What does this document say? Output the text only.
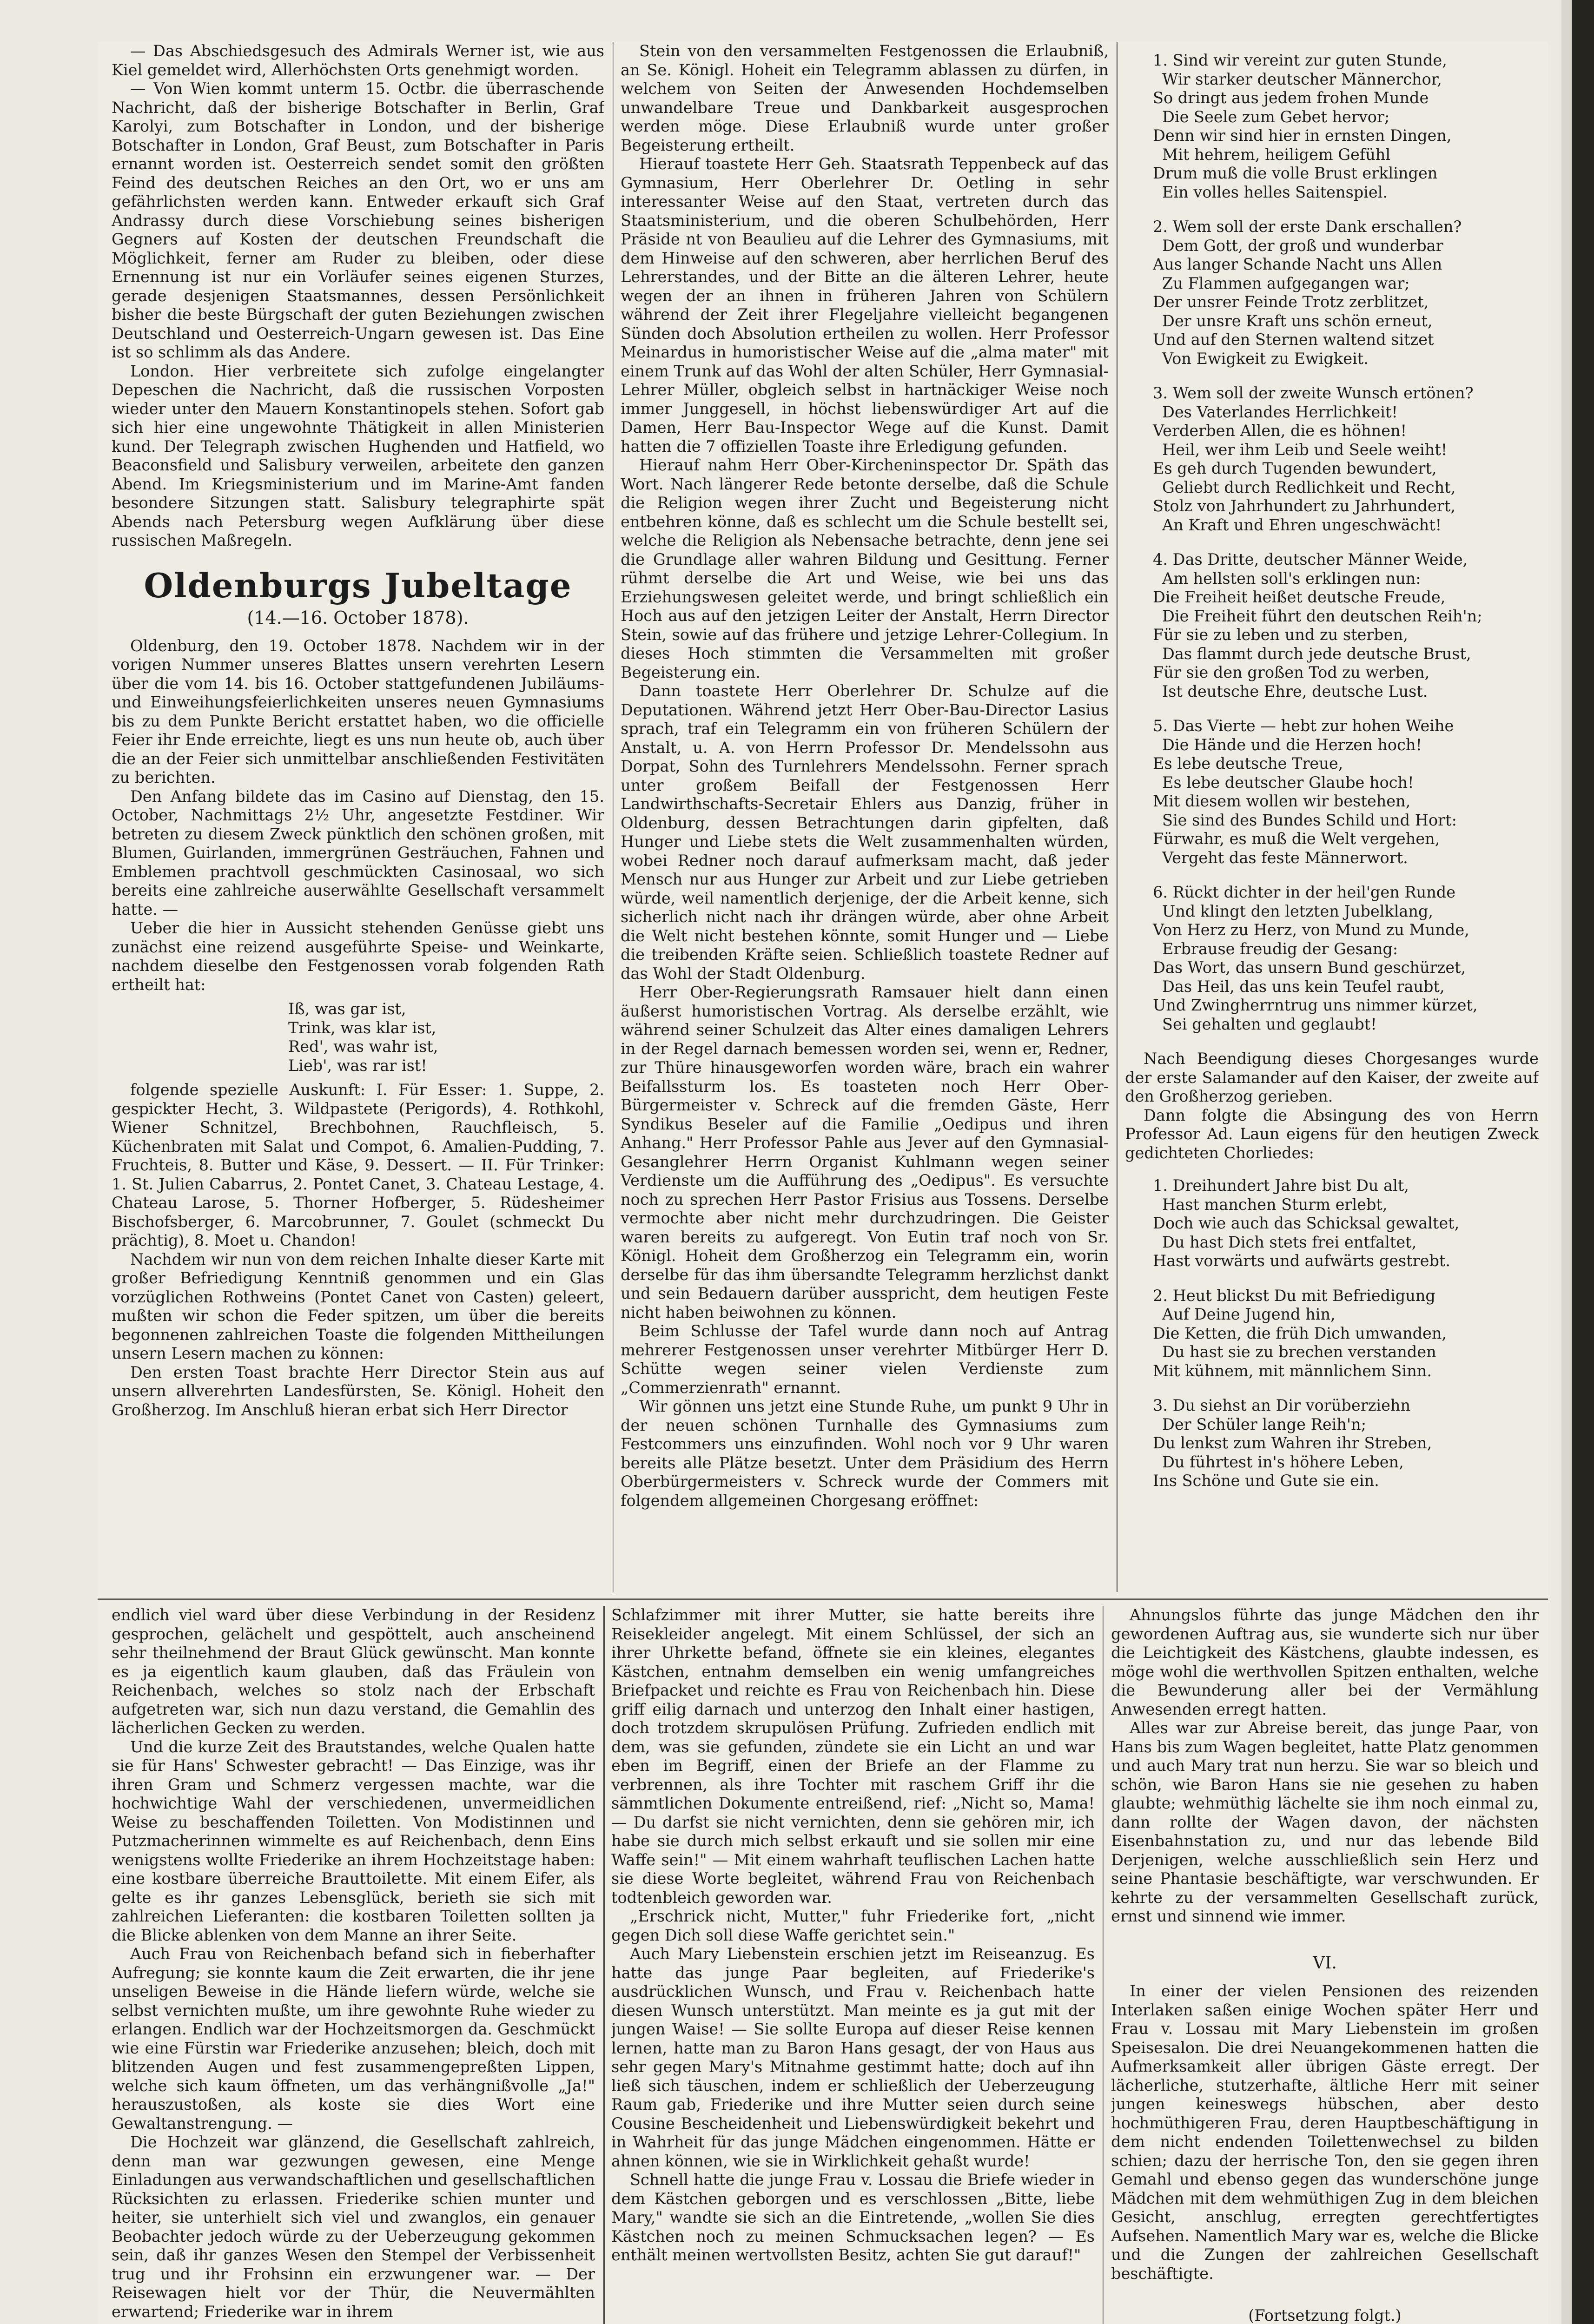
— Das Abschiedsgesuch des Admirals Werner ist, wie aus Kiel gemeldet wird, Allerhöchsten Orts genehmigt worden.

— Von Wien kommt unterm 15. Octbr. die überraschende Nachricht, daß der bisherige Botschafter in Berlin, Graf Karolyi, zum Botschafter in London, und der bisherige Botschafter in London, Graf Beust, zum Botschafter in Paris ernannt worden ist. Oesterreich sendet somit den größten Feind des deutschen Reiches an den Ort, wo er uns am gefährlichsten werden kann. Entweder erkauft sich Graf Andrassy durch diese Vorschiebung seines bisherigen Gegners auf Kosten der deutschen Freundschaft die Möglichkeit, ferner am Ruder zu bleiben, oder diese Ernennung ist nur ein Vorläufer seines eigenen Sturzes, gerade desjenigen Staatsmannes, dessen Persönlichkeit bisher die beste Bürgschaft der guten Beziehungen zwischen Deutschland und Oesterreich-Ungarn gewesen ist. Das Eine ist so schlimm als das Andere.

London. Hier verbreitete sich zufolge eingelangter Depeschen die Nachricht, daß die russischen Vorposten wieder unter den Mauern Konstantinopels stehen. Sofort gab sich hier eine ungewohnte Thätigkeit in allen Ministerien kund. Der Telegraph zwischen Hughenden und Hatfield, wo Beaconsfield und Salisbury verweilen, arbeitete den ganzen Abend. Im Kriegsministerium und im Marine-Amt fanden besondere Sitzungen statt. Salisbury telegraphirte spät Abends nach Petersburg wegen Aufklärung über diese russischen Maßregeln.

Oldenburgs Jubeltage
(14.—16. October 1878).

Oldenburg, den 19. October 1878. Nachdem wir in der vorigen Nummer unseres Blattes unsern verehrten Lesern über die vom 14. bis 16. October stattgefundenen Jubiläums- und Einweihungsfeierlichkeiten unseres neuen Gymnasiums bis zu dem Punkte Bericht erstattet haben, wo die officielle Feier ihr Ende erreichte, liegt es uns nun heute ob, auch über die an der Feier sich unmittelbar anschließenden Festivitäten zu berichten.

Den Anfang bildete das im Casino auf Dienstag, den 15. October, Nachmittags 2½ Uhr, angesetzte Festdiner. Wir betreten zu diesem Zweck pünktlich den schönen großen, mit Blumen, Guirlanden, immergrünen Gesträuchen, Fahnen und Emblemen prachtvoll geschmückten Casinosaal, wo sich bereits eine zahlreiche auserwählte Gesellschaft versammelt hatte. —

Ueber die hier in Aussicht stehenden Genüsse giebt uns zunächst eine reizend ausgeführte Speise- und Weinkarte, nachdem dieselbe den Festgenossen vorab folgenden Rath ertheilt hat:

Iß, was gar ist,
Trink, was klar ist,
Red', was wahr ist,
Lieb', was rar ist!

folgende spezielle Auskunft: I. Für Esser: 1. Suppe, 2. gespickter Hecht, 3. Wildpastete (Perigords), 4. Rothkohl, Wiener Schnitzel, Brechbohnen, Rauchfleisch, 5. Küchenbraten mit Salat und Compot, 6. Amalien-Pudding, 7. Fruchteis, 8. Butter und Käse, 9. Dessert. — II. Für Trinker: 1. St. Julien Cabarrus, 2. Pontet Canet, 3. Chateau Lestage, 4. Chateau Larose, 5. Thorner Hofberger, 5. Rüdesheimer Bischofsberger, 6. Marcobrunner, 7. Goulet (schmeckt Du prächtig), 8. Moet u. Chandon!

Nachdem wir nun von dem reichen Inhalte dieser Karte mit großer Befriedigung Kenntniß genommen und ein Glas vorzüglichen Rothweins (Pontet Canet von Casten) geleert, mußten wir schon die Feder spitzen, um über die bereits begonnenen zahlreichen Toaste die folgenden Mittheilungen unsern Lesern machen zu können:

Den ersten Toast brachte Herr Director Stein aus auf unsern allverehrten Landesfürsten, Se. Königl. Hoheit den Großherzog. Im Anschluß hieran erbat sich Herr Director

Stein von den versammelten Festgenossen die Erlaubniß, an Se. Königl. Hoheit ein Telegramm ablassen zu dürfen, in welchem von Seiten der Anwesenden Hochdemselben unwandelbare Treue und Dankbarkeit ausgesprochen werden möge. Diese Erlaubniß wurde unter großer Begeisterung ertheilt.

Hierauf toastete Herr Geh. Staatsrath Teppenbeck auf das Gymnasium, Herr Oberlehrer Dr. Oetling in sehr interessanter Weise auf den Staat, vertreten durch das Staatsministerium, und die oberen Schulbehörden, Herr Präside nt von Beaulieu auf die Lehrer des Gymnasiums, mit dem Hinweise auf den schweren, aber herrlichen Beruf des Lehrerstandes, und der Bitte an die älteren Lehrer, heute wegen der an ihnen in früheren Jahren von Schülern während der Zeit ihrer Flegeljahre vielleicht begangenen Sünden doch Absolution ertheilen zu wollen. Herr Professor Meinardus in humoristischer Weise auf die „alma mater" mit einem Trunk auf das Wohl der alten Schüler, Herr Gymnasial-Lehrer Müller, obgleich selbst in hartnäckiger Weise noch immer Junggesell, in höchst liebenswürdiger Art auf die Damen, Herr Bau-Inspector Wege auf die Kunst. Damit hatten die 7 offiziellen Toaste ihre Erledigung gefunden.

Hierauf nahm Herr Ober-Kircheninspector Dr. Späth das Wort. Nach längerer Rede betonte derselbe, daß die Schule die Religion wegen ihrer Zucht und Begeisterung nicht entbehren könne, daß es schlecht um die Schule bestellt sei, welche die Religion als Nebensache betrachte, denn jene sei die Grundlage aller wahren Bildung und Gesittung. Ferner rühmt derselbe die Art und Weise, wie bei uns das Erziehungswesen geleitet werde, und bringt schließlich ein Hoch aus auf den jetzigen Leiter der Anstalt, Herrn Director Stein, sowie auf das frühere und jetzige Lehrer-Collegium. In dieses Hoch stimmten die Versammelten mit großer Begeisterung ein.

Dann toastete Herr Oberlehrer Dr. Schulze auf die Deputationen. Während jetzt Herr Ober-Bau-Director Lasius sprach, traf ein Telegramm ein von früheren Schülern der Anstalt, u. A. von Herrn Professor Dr. Mendelssohn aus Dorpat, Sohn des Turnlehrers Mendelssohn. Ferner sprach unter großem Beifall der Festgenossen Herr Landwirthschafts-Secretair Ehlers aus Danzig, früher in Oldenburg, dessen Betrachtungen darin gipfelten, daß Hunger und Liebe stets die Welt zusammenhalten würden, wobei Redner noch darauf aufmerksam macht, daß jeder Mensch nur aus Hunger zur Arbeit und zur Liebe getrieben würde, weil namentlich derjenige, der die Arbeit kenne, sich sicherlich nicht nach ihr drängen würde, aber ohne Arbeit die Welt nicht bestehen könnte, somit Hunger und — Liebe die treibenden Kräfte seien. Schließlich toastete Redner auf das Wohl der Stadt Oldenburg.

Herr Ober-Regierungsrath Ramsauer hielt dann einen äußerst humoristischen Vortrag. Als derselbe erzählt, wie während seiner Schulzeit das Alter eines damaligen Lehrers in der Regel darnach bemessen worden sei, wenn er, Redner, zur Thüre hinausgeworfen worden wäre, brach ein wahrer Beifallssturm los. Es toasteten noch Herr Ober-Bürgermeister v. Schreck auf die fremden Gäste, Herr Syndikus Beseler auf die Familie „Oedipus und ihren Anhang." Herr Professor Pahle aus Jever auf den Gymnasial-Gesanglehrer Herrn Organist Kuhlmann wegen seiner Verdienste um die Aufführung des „Oedipus". Es versuchte noch zu sprechen Herr Pastor Frisius aus Tossens. Derselbe vermochte aber nicht mehr durchzudringen. Die Geister waren bereits zu aufgeregt. Von Eutin traf noch von Sr. Königl. Hoheit dem Großherzog ein Telegramm ein, worin derselbe für das ihm übersandte Telegramm herzlichst dankt und sein Bedauern darüber ausspricht, dem heutigen Feste nicht haben beiwohnen zu können.

Beim Schlusse der Tafel wurde dann noch auf Antrag mehrerer Festgenossen unser verehrter Mitbürger Herr D. Schütte wegen seiner vielen Verdienste zum „Commerzienrath" ernannt.

Wir gönnen uns jetzt eine Stunde Ruhe, um punkt 9 Uhr in der neuen schönen Turnhalle des Gymnasiums zum Festcommers uns einzufinden. Wohl noch vor 9 Uhr waren bereits alle Plätze besetzt. Unter dem Präsidium des Herrn Oberbürgermeisters v. Schreck wurde der Commers mit folgendem allgemeinen Chorgesang eröffnet:

1. Sind wir vereint zur guten Stunde,
Wir starker deutscher Männerchor,
So dringt aus jedem frohen Munde
Die Seele zum Gebet hervor;
Denn wir sind hier in ernsten Dingen,
Mit hehrem, heiligem Gefühl
Drum muß die volle Brust erklingen
Ein volles helles Saitenspiel.
2. Wem soll der erste Dank erschallen?
Dem Gott, der groß und wunderbar
Aus langer Schande Nacht uns Allen
Zu Flammen aufgegangen war;
Der unsrer Feinde Trotz zerblitzet,
Der unsre Kraft uns schön erneut,
Und auf den Sternen waltend sitzet
Von Ewigkeit zu Ewigkeit.
3. Wem soll der zweite Wunsch ertönen?
Des Vaterlandes Herrlichkeit!
Verderben Allen, die es höhnen!
Heil, wer ihm Leib und Seele weiht!
Es geh durch Tugenden bewundert,
Geliebt durch Redlichkeit und Recht,
Stolz von Jahrhundert zu Jahrhundert,
An Kraft und Ehren ungeschwächt!
4. Das Dritte, deutscher Männer Weide,
Am hellsten soll's erklingen nun:
Die Freiheit heißet deutsche Freude,
Die Freiheit führt den deutschen Reih'n;
Für sie zu leben und zu sterben,
Das flammt durch jede deutsche Brust,
Für sie den großen Tod zu werben,
Ist deutsche Ehre, deutsche Lust.
5. Das Vierte — hebt zur hohen Weihe
Die Hände und die Herzen hoch!
Es lebe deutsche Treue,
Es lebe deutscher Glaube hoch!
Mit diesem wollen wir bestehen,
Sie sind des Bundes Schild und Hort:
Fürwahr, es muß die Welt vergehen,
Vergeht das feste Männerwort.
6. Rückt dichter in der heil'gen Runde
Und klingt den letzten Jubelklang,
Von Herz zu Herz, von Mund zu Munde,
Erbrause freudig der Gesang:
Das Wort, das unsern Bund geschürzet,
Das Heil, das uns kein Teufel raubt,
Und Zwingherrntrug uns nimmer kürzet,
Sei gehalten und geglaubt!

Nach Beendigung dieses Chorgesanges wurde der erste Salamander auf den Kaiser, der zweite auf den Großherzog gerieben.

Dann folgte die Absingung des von Herrn Professor Ad. Laun eigens für den heutigen Zweck gedichteten Chorliedes:

1. Dreihundert Jahre bist Du alt,
Hast manchen Sturm erlebt,
Doch wie auch das Schicksal gewaltet,
Du hast Dich stets frei entfaltet,
Hast vorwärts und aufwärts gestrebt.
2. Heut blickst Du mit Befriedigung
Auf Deine Jugend hin,
Die Ketten, die früh Dich umwanden,
Du hast sie zu brechen verstanden
Mit kühnem, mit männlichem Sinn.
3. Du siehst an Dir vorüberziehn
Der Schüler lange Reih'n;
Du lenkst zum Wahren ihr Streben,
Du führtest in's höhere Leben,
Ins Schöne und Gute sie ein.

endlich viel ward über diese Verbindung in der Residenz gesprochen, gelächelt und gespöttelt, auch anscheinend sehr theilnehmend der Braut Glück gewünscht. Man konnte es ja eigentlich kaum glauben, daß das Fräulein von Reichenbach, welches so stolz nach der Erbschaft aufgetreten war, sich nun dazu verstand, die Gemahlin des lächerlichen Gecken zu werden.

Und die kurze Zeit des Brautstandes, welche Qualen hatte sie für Hans' Schwester gebracht! — Das Einzige, was ihr ihren Gram und Schmerz vergessen machte, war die hochwichtige Wahl der verschiedenen, unvermeidlichen Weise zu beschaffenden Toiletten. Von Modistinnen und Putzmacherinnen wimmelte es auf Reichenbach, denn Eins wenigstens wollte Friederike an ihrem Hochzeitstage haben: eine kostbare überreiche Brauttoilette. Mit einem Eifer, als gelte es ihr ganzes Lebensglück, berieth sie sich mit zahlreichen Lieferanten: die kostbaren Toiletten sollten ja die Blicke ablenken von dem Manne an ihrer Seite.

Auch Frau von Reichenbach befand sich in fieberhafter Aufregung; sie konnte kaum die Zeit erwarten, die ihr jene unseligen Beweise in die Hände liefern würde, welche sie selbst vernichten mußte, um ihre gewohnte Ruhe wieder zu erlangen. Endlich war der Hochzeitsmorgen da. Geschmückt wie eine Fürstin war Friederike anzusehen; bleich, doch mit blitzenden Augen und fest zusammengepreßten Lippen, welche sich kaum öffneten, um das verhängnißvolle „Ja!" herauszustoßen, als koste sie dies Wort eine Gewaltanstrengung. —

Die Hochzeit war glänzend, die Gesellschaft zahlreich, denn man war gezwungen gewesen, eine Menge Einladungen aus verwandschaftlichen und gesellschaftlichen Rücksichten zu erlassen. Friederike schien munter und heiter, sie unterhielt sich viel und zwanglos, ein genauer Beobachter jedoch würde zu der Ueberzeugung gekommen sein, daß ihr ganzes Wesen den Stempel der Verbissenheit trug und ihr Frohsinn ein erzwungener war. — Der Reisewagen hielt vor der Thür, die Neuvermählten erwartend; Friederike war in ihrem

Schlafzimmer mit ihrer Mutter, sie hatte bereits ihre Reisekleider angelegt. Mit einem Schlüssel, der sich an ihrer Uhrkette befand, öffnete sie ein kleines, elegantes Kästchen, entnahm demselben ein wenig umfangreiches Briefpacket und reichte es Frau von Reichenbach hin. Diese griff eilig darnach und unterzog den Inhalt einer hastigen, doch trotzdem skrupulösen Prüfung. Zufrieden endlich mit dem, was sie gefunden, zündete sie ein Licht an und war eben im Begriff, einen der Briefe an der Flamme zu verbrennen, als ihre Tochter mit raschem Griff ihr die sämmtlichen Dokumente entreißend, rief: „Nicht so, Mama! — Du darfst sie nicht vernichten, denn sie gehören mir, ich habe sie durch mich selbst erkauft und sie sollen mir eine Waffe sein!" — Mit einem wahrhaft teuflischen Lachen hatte sie diese Worte begleitet, während Frau von Reichenbach todtenbleich geworden war.

„Erschrick nicht, Mutter," fuhr Friederike fort, „nicht gegen Dich soll diese Waffe gerichtet sein."

Auch Mary Liebenstein erschien jetzt im Reiseanzug. Es hatte das junge Paar begleiten, auf Friederike's ausdrücklichen Wunsch, und Frau v. Reichenbach hatte diesen Wunsch unterstützt. Man meinte es ja gut mit der jungen Waise! — Sie sollte Europa auf dieser Reise kennen lernen, hatte man zu Baron Hans gesagt, der von Haus aus sehr gegen Mary's Mitnahme gestimmt hatte; doch auf ihn ließ sich täuschen, indem er schließlich der Ueberzeugung Raum gab, Friederike und ihre Mutter seien durch seine Cousine Bescheidenheit und Liebenswürdigkeit bekehrt und in Wahrheit für das junge Mädchen eingenommen. Hätte er ahnen können, wie sie in Wirklichkeit gehaßt wurde!

Schnell hatte die junge Frau v. Lossau die Briefe wieder in dem Kästchen geborgen und es verschlossen „Bitte, liebe Mary," wandte sie sich an die Eintretende, „wollen Sie dies Kästchen noch zu meinen Schmucksachen legen? — Es enthält meinen wertvollsten Besitz, achten Sie gut darauf!"

Ahnungslos führte das junge Mädchen den ihr gewordenen Auftrag aus, sie wunderte sich nur über die Leichtigkeit des Kästchens, glaubte indessen, es möge wohl die werthvollen Spitzen enthalten, welche die Bewunderung aller bei der Vermählung Anwesenden erregt hatten.

Alles war zur Abreise bereit, das junge Paar, von Hans bis zum Wagen begleitet, hatte Platz genommen und auch Mary trat nun herzu. Sie war so bleich und schön, wie Baron Hans sie nie gesehen zu haben glaubte; wehmüthig lächelte sie ihm noch einmal zu, dann rollte der Wagen davon, der nächsten Eisenbahnstation zu, und nur das lebende Bild Derjenigen, welche ausschließlich sein Herz und seine Phantasie beschäftigte, war verschwunden. Er kehrte zu der versammelten Gesellschaft zurück, ernst und sinnend wie immer.

VI.

In einer der vielen Pensionen des reizenden Interlaken saßen einige Wochen später Herr und Frau v. Lossau mit Mary Liebenstein im großen Speisesalon. Die drei Neuangekommenen hatten die Aufmerksamkeit aller übrigen Gäste erregt. Der lächerliche, stutzerhafte, ältliche Herr mit seiner jungen keineswegs hübschen, aber desto hochmüthigeren Frau, deren Hauptbeschäftigung in dem nicht endenden Toilettenwechsel zu bilden schien; dazu der herrische Ton, den sie gegen ihren Gemahl und ebenso gegen das wunderschöne junge Mädchen mit dem wehmüthigen Zug in dem bleichen Gesicht, anschlug, erregten gerechtfertigtes Aufsehen. Namentlich Mary war es, welche die Blicke und die Zungen der zahlreichen Gesellschaft beschäftigte.

(Fortsetzung folgt.)
